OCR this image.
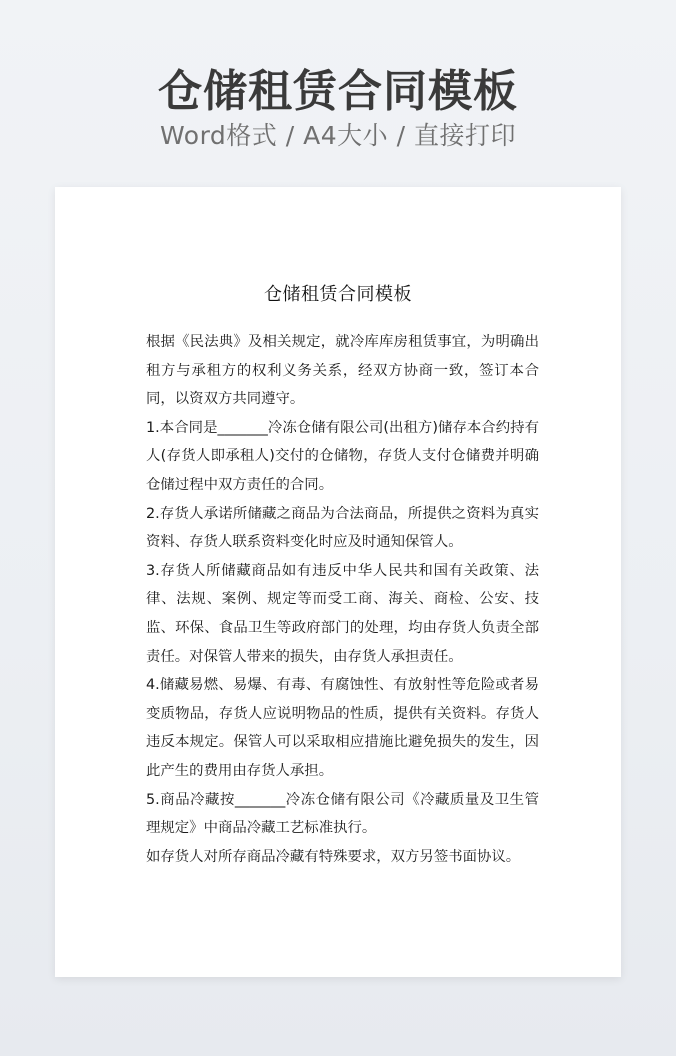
仓储租赁合同模板
Word格式 / A4大小 / 直接打印
仓储租赁合同模板

根据《民法典》及相关规定，就冷库库房租赁事宜，为明确出租方与承租方的权利义务关系，经双方协商一致，签订本合同，以资双方共同遵守。

1.本合同是_______冷冻仓储有限公司(出租方)储存本合约持有人(存货人即承租人)交付的仓储物，存货人支付仓储费并明确仓储过程中双方责任的合同。

2.存货人承诺所储藏之商品为合法商品，所提供之资料为真实资料、存货人联系资料变化时应及时通知保管人。

3.存货人所储藏商品如有违反中华人民共和国有关政策、法律、法规、案例、规定等而受工商、海关、商检、公安、技监、环保、食品卫生等政府部门的处理，均由存货人负责全部责任。对保管人带来的损失，由存货人承担责任。

4.储藏易燃、易爆、有毒、有腐蚀性、有放射性等危险或者易变质物品，存货人应说明物品的性质，提供有关资料。存货人违反本规定。保管人可以采取相应措施比避免损失的发生，因此产生的费用由存货人承担。

5.商品冷藏按_______冷冻仓储有限公司《冷藏质量及卫生管理规定》中商品冷藏工艺标准执行。

如存货人对所存商品冷藏有特殊要求，双方另签书面协议。
